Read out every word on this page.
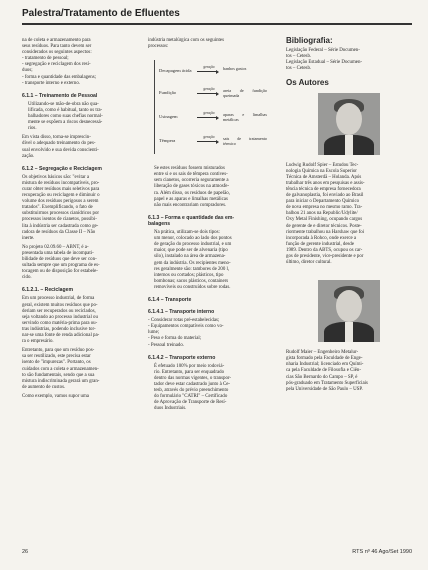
Palestra/Tratamento de Efluentes

na de coleta e armazenamento para
seus resíduos. Para tanto devem ser
considerados os seguintes aspectos:
- tratamento de pessoal;
- segregação e reciclagem dos resí-
duos;
- forma e quantidade das embalagens;
- transporte interno e externo.

6.1.1 – Treinamento de Pessoal

Utilizando-se mão-de-obra não qua-
lificada, como é habitual, tanto os tra-
balhadores como suas chefias normal-
mente se expõem a riscos desnecessá-
rios.

Em vista disso, torna-se imprescin-
dível o adequado treinamento do pes-
soal envolvido e sua devida conscienti-
zação.

6.1.2 – Segregação e Reciclagem

Os objetivos básicos são: "evitar a
mistura de resíduos incompatíveis, pro-
curar obter resíduos mais seletivos para
recuperação ou reciclagem e diminuir o
volume dos resíduos perigosos a serem
tratados". Exemplificando, o fato de
substituirmos processos cianídricos por
processos isentos de cianetos, possibi-
lita à indústria ser cadastrada como ge-
radora de resíduos da Classe II – Não
inerte.

No projeto 02.09.60 – ABNT, é a-
presentada uma tabela de incompati-
bilidade de resíduos que deve ser con-
sultada sempre que um programa de es-
tocagem ou de disposição for estabele-
cido.

6.1.2.1. – Reciclagem

Em um processo industrial, de forma
geral, existem muitos resíduos que po-
deriam ser recuperados ou reciclados,
seja voltando ao processo industrial ou
servindo como matéria-prima para ou-
tras indústrias, podendo inclusive tor-
nar-se uma fonte de renda adicional pa-
ra o empresário.

Entretanto, para que um resíduo pos-
sa ser reutilizado, este precisa estar
isento de "impurezas". Portanto, os
cuidados com a coleta e armazenamen-
to são fundamentais, sendo que a sua
mistura indiscriminada gerará um gran-
de aumento de custos.

Como exemplo, vamos supor uma

indústria metalúrgica com os seguintes
processos:

Decapagem ácida
geração	banhos gastos
Fundição
geração	areia de fundição queimada
Usinagem
geração	aparas e limalhas metálicas
Têmpera
geração	sais de tratamento térmico

Se estes resíduos fossem misturados
entre si e os sais de têmpera contives-
sem cianetos, ocorreria seguramente a
liberação de gases tóxicos na atmosfe-
ra. Além disso, os resíduos de papelão,
papel e as aparas e limalhas metálicas
não mais encontrariam compradores.

6.1.3 – Forma e quantidade das em-
balagens

Na prática, utilizam-se dois tipos:
um menor, colocado ao lado dos pontos
de geração do processo industrial, e um
maior, que pode ser de alvenaria (tipo
silo), instalado na área de armazena-
gem da indústria. Os recipientes meno-
res geralmente são: tambores de 200 l,
internos ou cortados; plásticos, tipo
bombonas; sacos plásticos, containers
removíveis ou construídos sobre rodas.

6.1.4 – Transporte
6.1.4.1 – Transporte interno

- Considerar rotas pré-estabelecidas;
- Equipamentos compatíveis como vo-
lume;
- Peso e forma do material;
- Pessoal treinado.

6.1.4.2 – Transporte externo

É efetuado 100% por meio rodoviá-
rio. Entretanto, para ser enquadrado
dentro das normas vigentes, o transpor-
tador deve estar cadastrado junto à Ce-
tesb, através do prévio preenchimento
do formulário "CATRI" – Certificado
de Aprovação de Transporte de Resí-
duos Industriais.

Bibliografia:

Legislação Federal – Série Documen-
tos – Cetesb.
Legislação Estadual – Série Documen-
tos – Cetesb.

Os Autores

Ludwig Rudolf Spier – Estudou Tec-
nologia Química na Escola Superior
Técnica de Amsterdã – Holanda. Após
trabalhar três anos em pesquisas e assis-
tência técnica de empresa fornecedora
de galvanoplastia, foi enviado ao Brasil
para iniciar o Departamento Químico
de nova empresa no mesmo ramo. Tra-
balhou 21 anos na Republic/Udylite/
Oxy Metal Finishing, ocupando cargos
de gerente de e diretor técnicos. Poste-
riormente trabalhou na Harshaw que foi
incorporada à Rohco, onde exerce a
função de gerente industrial, desde
1989. Dentro da ABTS, ocupou os car-
gos de presidente, vice-presidente e por
último, diretor cultural.

Rudolf Maier – Engenheiro Metalur-
gista formado pela Faculdade de Enge-
nharia Industrial; licenciado em Quími-
ca pela Faculdade de Filosofia e Ciên-
cias São Bernardo do Campo – SP, é
pós-graduado em Tratamento Superficiais
pela Universidade de São Paulo – USP.

26	RTS nº 46 Ago/Set 1990
